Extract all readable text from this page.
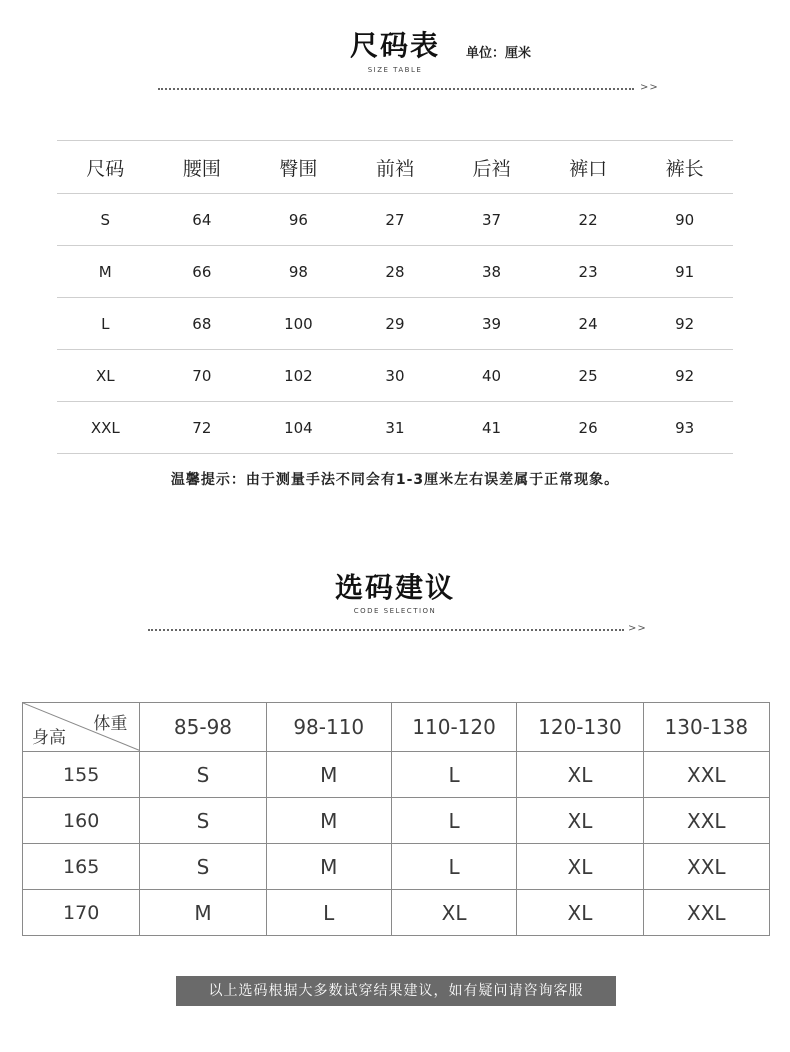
尺码表	单位：厘米
SIZE TABLE
>>
尺码	腰围	臀围	前裆	后裆	裤口	裤长
S	64	96	27	37	22	90
M	66	98	28	38	23	91
L	68	100	29	39	24	92
XL	70	102	30	40	25	92
XXL	72	104	31	41	26	93
温馨提示：由于测量手法不同会有1-3厘米左右误差属于正常现象。
选码建议
CODE SELECTION
>>
体重
身高	85-98	98-110	110-120	120-130	130-138
155	S	M	L	XL	XXL
160	S	M	L	XL	XXL
165	S	M	L	XL	XXL
170	M	L	XL	XL	XXL
以上选码根据大多数试穿结果建议，如有疑问请咨询客服
